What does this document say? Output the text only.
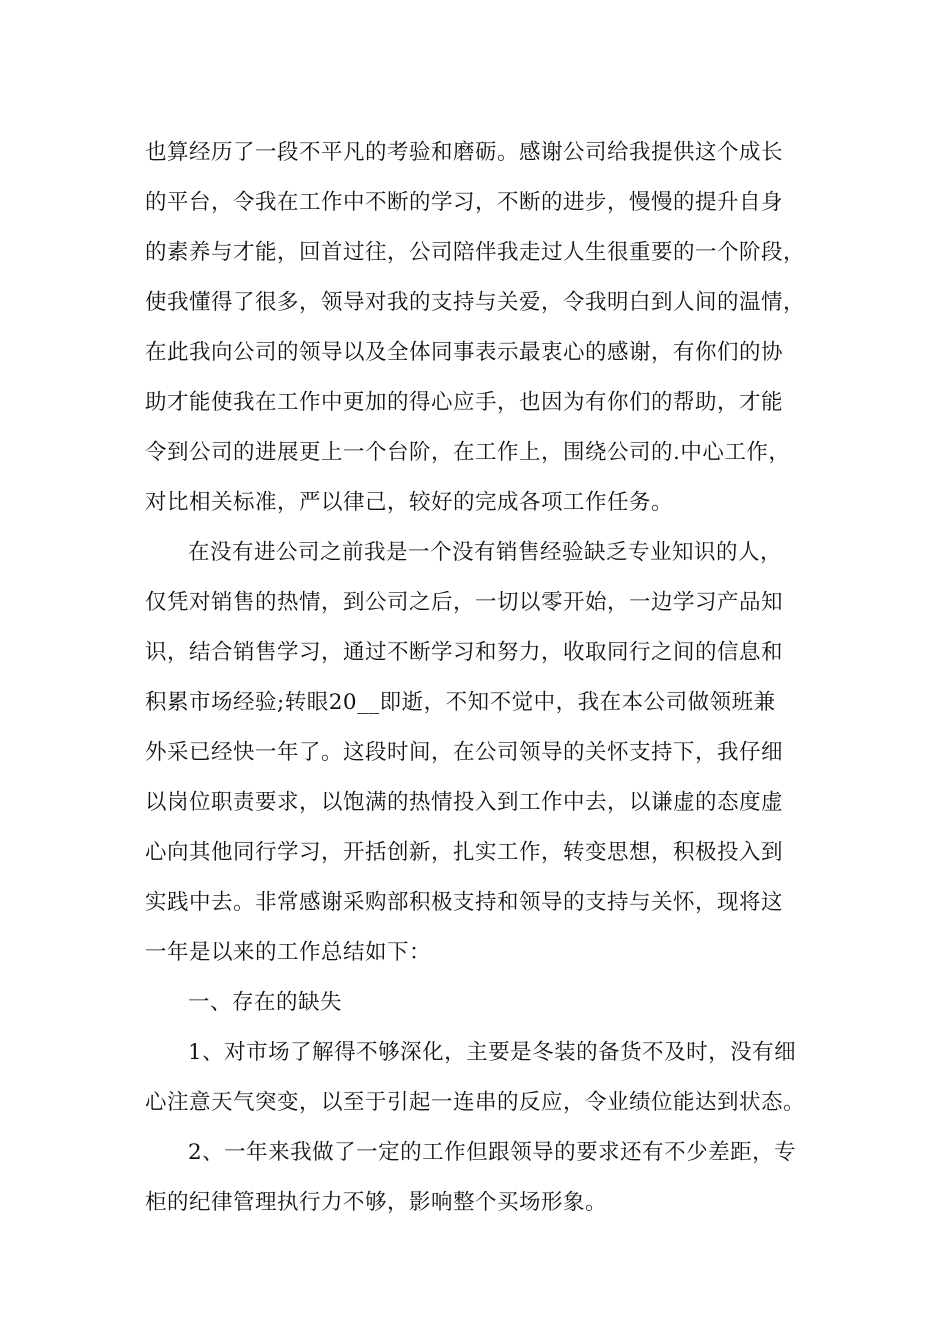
也算经历了一段不平凡的考验和磨砺。感谢公司给我提供这个成长
的平台，令我在工作中不断的学习，不断的进步，慢慢的提升自身
的素养与才能，回首过往，公司陪伴我走过人生很重要的一个阶段，
使我懂得了很多，领导对我的支持与关爱，令我明白到人间的温情，
在此我向公司的领导以及全体同事表示最衷心的感谢，有你们的协
助才能使我在工作中更加的得心应手，也因为有你们的帮助，才能
令到公司的进展更上一个台阶，在工作上，围绕公司的.中心工作，
对比相关标准，严以律己，较好的完成各项工作任务。
在没有进公司之前我是一个没有销售经验缺乏专业知识的人，
仅凭对销售的热情，到公司之后，一切以零开始，一边学习产品知
识，结合销售学习，通过不断学习和努力，收取同行之间的信息和
积累市场经验;转眼20__即逝，不知不觉中，我在本公司做领班兼
外采已经快一年了。这段时间，在公司领导的关怀支持下，我仔细
以岗位职责要求，以饱满的热情投入到工作中去，以谦虚的态度虚
心向其他同行学习，开括创新，扎实工作，转变思想，积极投入到
实践中去。非常感谢采购部积极支持和领导的支持与关怀，现将这
一年是以来的工作总结如下：
一、存在的缺失
1、对市场了解得不够深化，主要是冬装的备货不及时，没有细
心注意天气突变，以至于引起一连串的反应，令业绩位能达到状态。
2、一年来我做了一定的工作但跟领导的要求还有不少差距，专
柜的纪律管理执行力不够，影响整个买场形象。
